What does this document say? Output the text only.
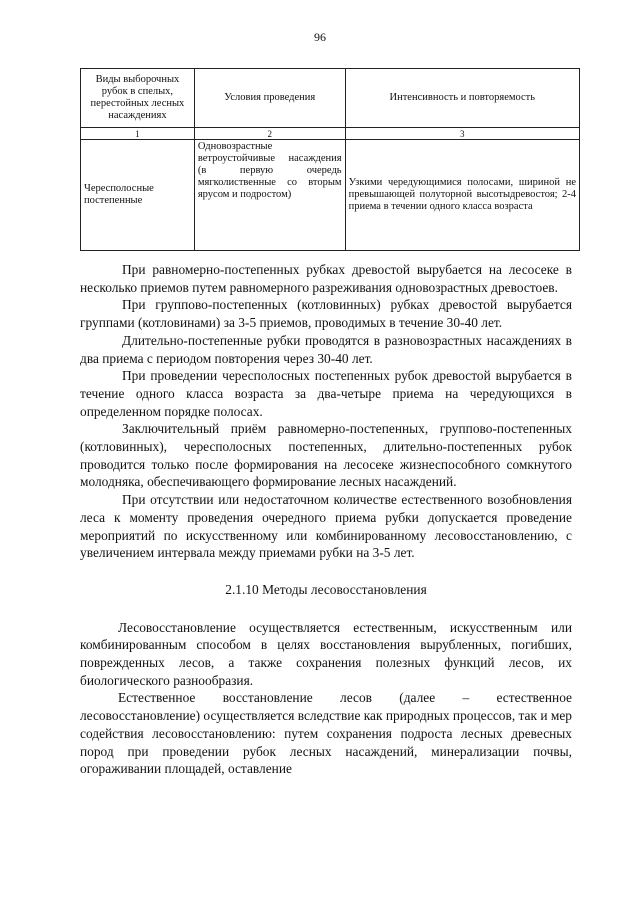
96
Виды выборочных рубок в спелых, перестойных лесных насаждениях	Условия проведения	Интенсивность и повторяемость
1	2	3
Чересполосные постепенные	Одновозрастные ветроустойчивые насаждения (в первую очередь мягколиственные со вторым ярусом и подростом)	Узкими чередующимися полосами, шириной не превышающей полуторной высотыдревостоя; 2-4 приема в течении одного класса возраста

При равномерно-постепенных рубках древостой вырубается на лесосеке в несколько приемов путем равномерного разреживания одновозрастных древостоев.

При группово-постепенных (котловинных) рубках древостой вырубается группами (котловинами) за 3-5 приемов, проводимых в течение 30-40 лет.

Длительно-постепенные рубки проводятся в разновозрастных насаждениях в два приема с периодом повторения через 30-40 лет.

При проведении чересполосных постепенных рубок древостой вырубается в течение одного класса возраста за два-четыре приема на чередующихся в определенном порядке полосах.

Заключительный приём равномерно-постепенных, группово-постепенных (котловинных), чересполосных постепенных, длительно-постепенных рубок проводится только после формирования на лесосеке жизнеспособного сомкнутого молодняка, обеспечивающего формирование лесных насаждений.

При отсутствии или недостаточном количестве естественного возобновления леса к моменту проведения очередного приема рубки допускается проведение мероприятий по искусственному или комбинированному лесовосстановлению, с увеличением интервала между приемами рубки на 3-5 лет.

2.1.10 Методы лесовосстановления

Лесовосстановление осуществляется естественным, искусственным или комбинированным способом в целях восстановления вырубленных, погибших, поврежденных лесов, а также сохранения полезных функций лесов, их биологического разнообразия.

Естественное восстановление лесов (далее – естественное лесовосстановление) осуществляется вследствие как природных процессов, так и мер содействия лесовосстановлению: путем сохранения подроста лесных древесных пород при проведении рубок лесных насаждений, минерализации почвы, огораживании площадей, оставление
